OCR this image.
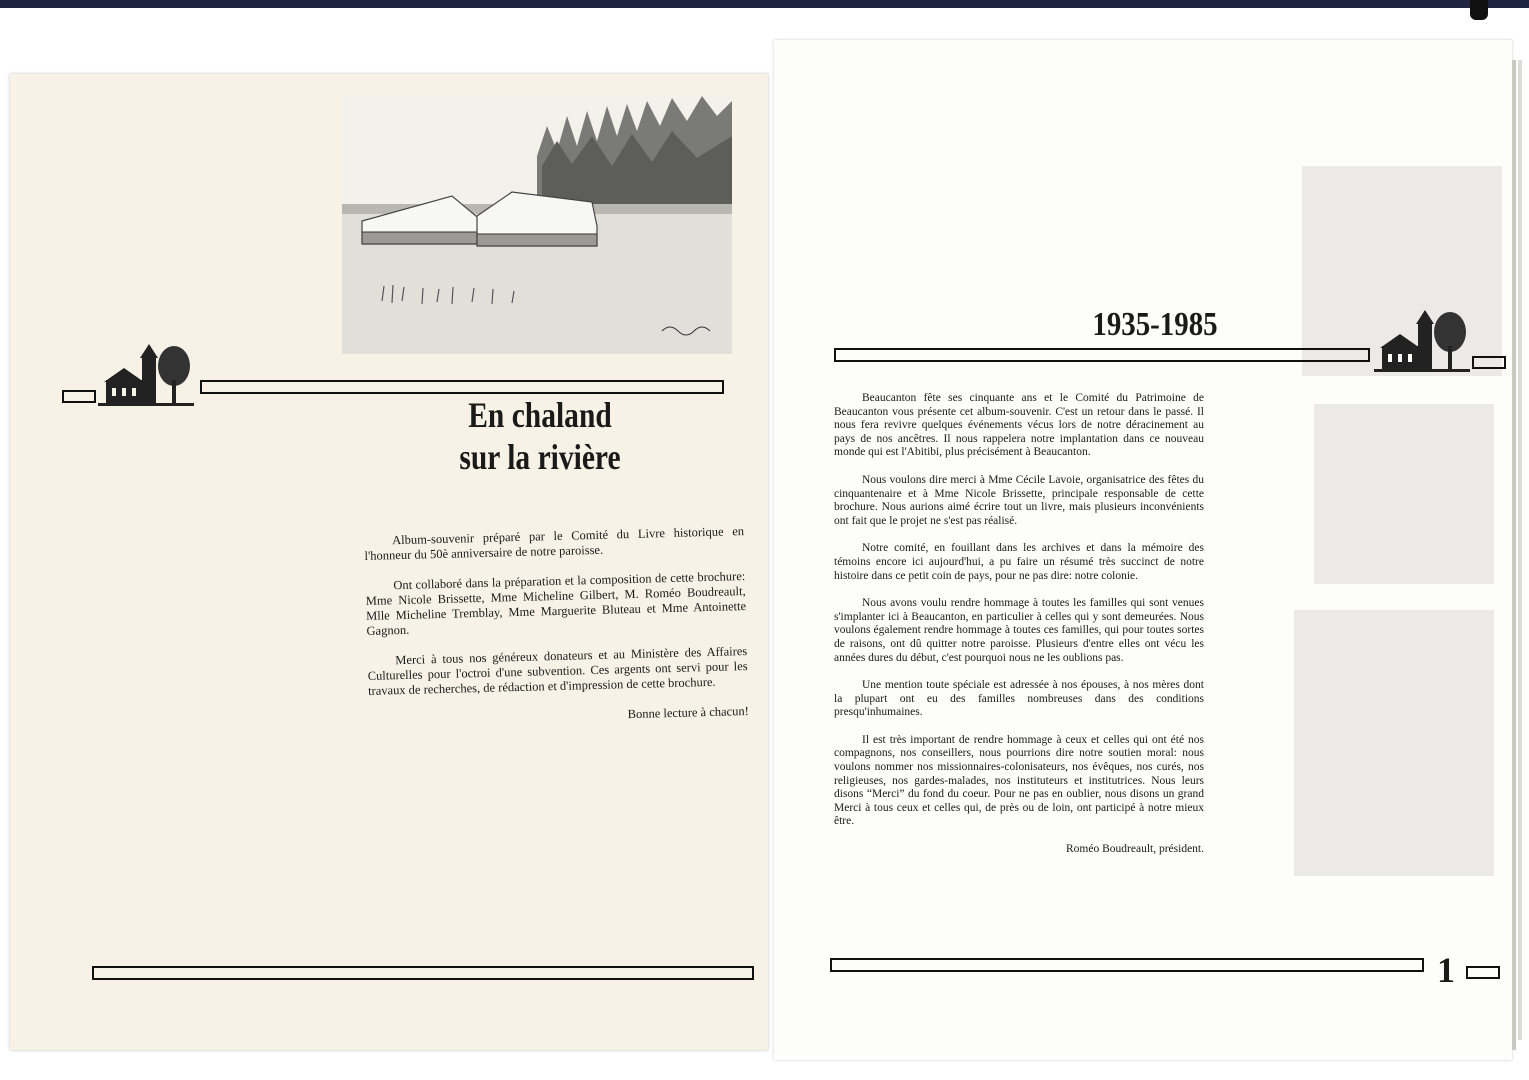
En chaland
sur la rivière

Album-souvenir préparé par le Comité du Livre historique en l'honneur du 50è anniversaire de notre paroisse.

Ont collaboré dans la préparation et la composition de cette brochure: Mme Nicole Brissette, Mme Micheline Gilbert, M. Roméo Boudreault, Mlle Micheline Tremblay, Mme Marguerite Bluteau et Mme Antoinette Gagnon.

Merci à tous nos généreux donateurs et au Ministère des Affaires Culturelles pour l'octroi d'une subvention. Ces argents ont servi pour les travaux de recherches, de rédaction et d'impression de cette brochure.

Bonne lecture à chacun!

1935-1985

Beaucanton fête ses cinquante ans et le Comité du Patrimoine de Beaucanton vous présente cet album-souvenir. C'est un retour dans le passé. Il nous fera revivre quelques événements vécus lors de notre déracinement au pays de nos ancêtres. Il nous rappelera notre implantation dans ce nouveau monde qui est l'Abitibi, plus précisément à Beaucanton.

Nous voulons dire merci à Mme Cécile Lavoie, organisatrice des fêtes du cinquantenaire et à Mme Nicole Brissette, principale responsable de cette brochure. Nous aurions aimé écrire tout un livre, mais plusieurs inconvénients ont fait que le projet ne s'est pas réalisé.

Notre comité, en fouillant dans les archives et dans la mémoire des témoins encore ici aujourd'hui, a pu faire un résumé très succinct de notre histoire dans ce petit coin de pays, pour ne pas dire: notre colonie.

Nous avons voulu rendre hommage à toutes les familles qui sont venues s'implanter ici à Beaucanton, en particulier à celles qui y sont demeurées. Nous voulons également rendre hommage à toutes ces familles, qui pour toutes sortes de raisons, ont dû quitter notre paroisse. Plusieurs d'entre elles ont vécu les années dures du début, c'est pourquoi nous ne les oublions pas.

Une mention toute spéciale est adressée à nos épouses, à nos mères dont la plupart ont eu des familles nombreuses dans des conditions presqu'inhumaines.

Il est très important de rendre hommage à ceux et celles qui ont été nos compagnons, nos conseillers, nous pourrions dire notre soutien moral: nous voulons nommer nos missionnaires-colonisateurs, nos évêques, nos curés, nos religieuses, nos gardes-malades, nos instituteurs et institutrices. Nous leurs disons “Merci” du fond du coeur. Pour ne pas en oublier, nous disons un grand Merci à tous ceux et celles qui, de près ou de loin, ont participé à notre mieux être.

Roméo Boudreault, président.

1
